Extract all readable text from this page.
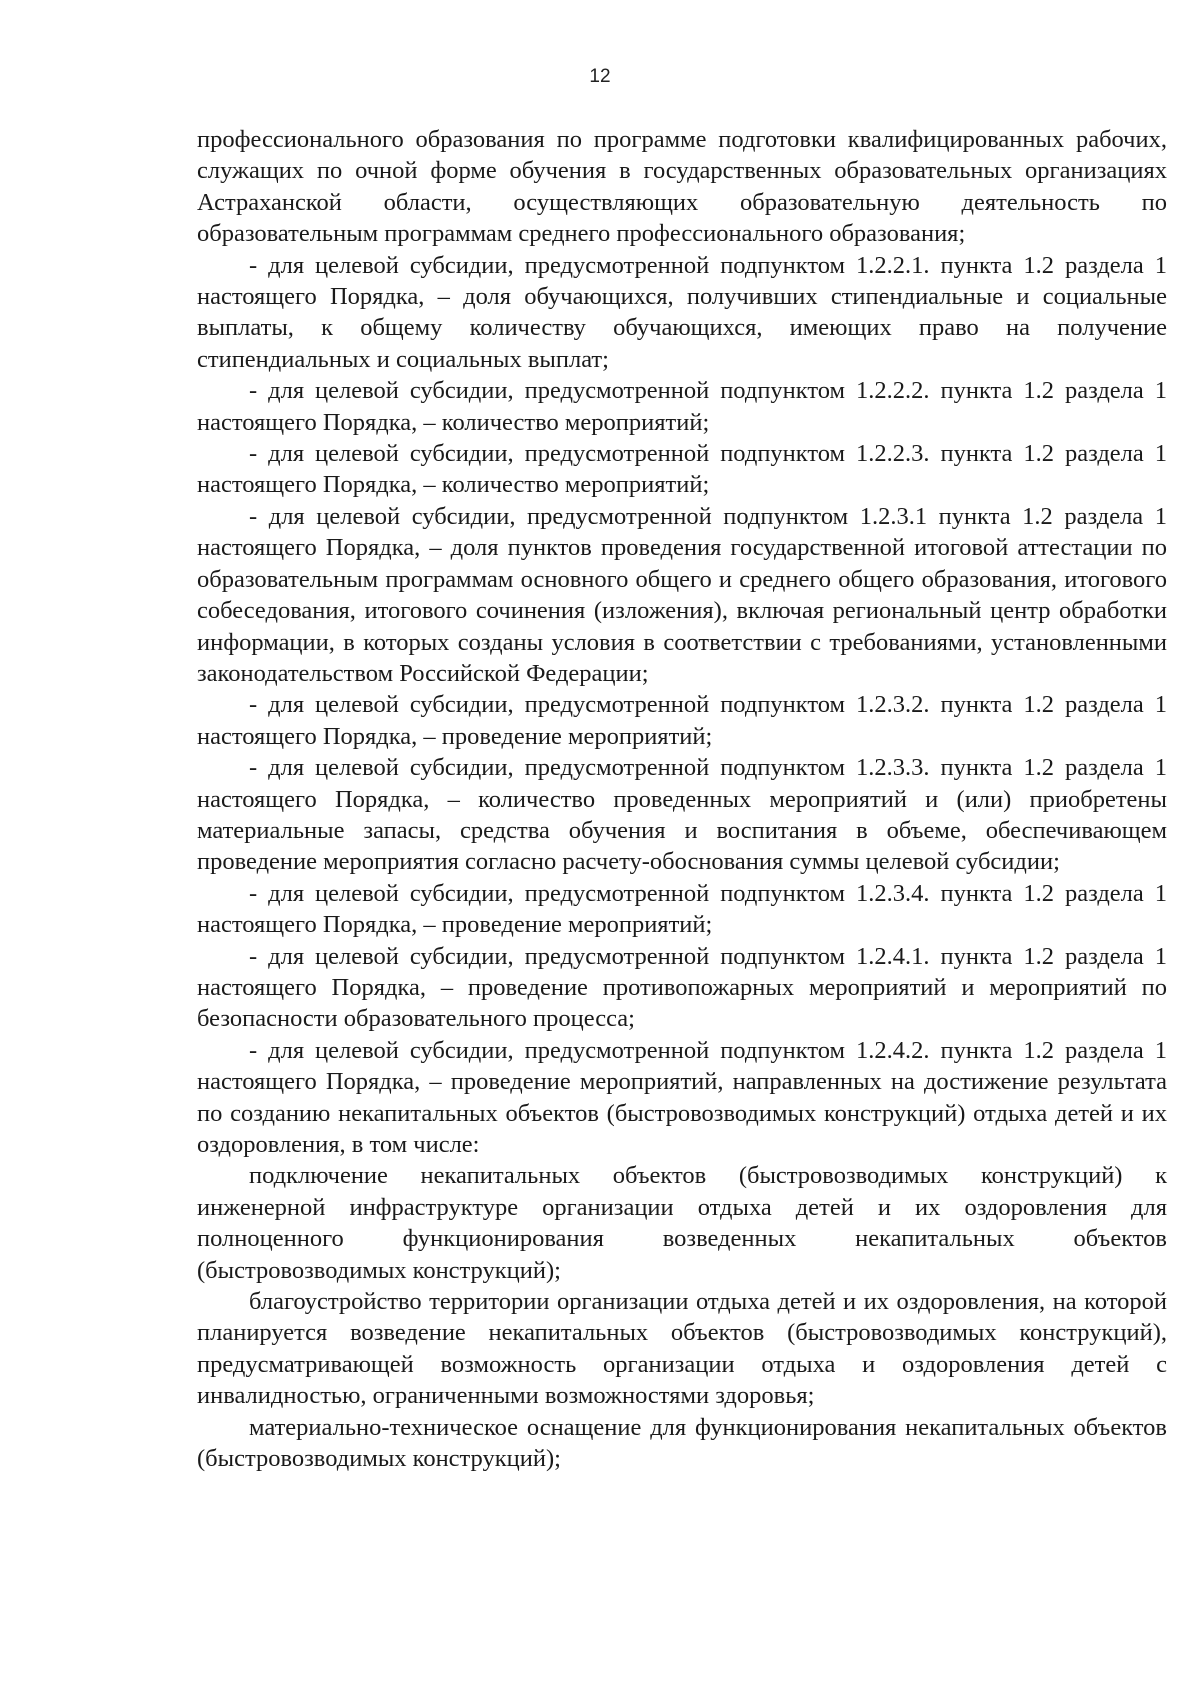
12

профессионального образования по программе подготовки квалифицированных рабочих, служащих по очной форме обучения в государственных образовательных организациях Астраханской области, осуществляющих образовательную деятельность по образовательным программам среднего профессионального образования;

- для целевой субсидии, предусмотренной подпунктом 1.2.2.1. пункта 1.2 раздела 1 настоящего Порядка, – доля обучающихся, получивших стипендиальные и социальные выплаты, к общему количеству обучающихся, имеющих право на получение стипендиальных и социальных выплат;

- для целевой субсидии, предусмотренной подпунктом 1.2.2.2. пункта 1.2 раздела 1 настоящего Порядка, – количество мероприятий;

- для целевой субсидии, предусмотренной подпунктом 1.2.2.3. пункта 1.2 раздела 1 настоящего Порядка, – количество мероприятий;

- для целевой субсидии, предусмотренной подпунктом 1.2.3.1 пункта 1.2 раздела 1 настоящего Порядка, – доля пунктов проведения государственной итоговой аттестации по образовательным программам основного общего и среднего общего образования, итогового собеседования, итогового сочинения (изложения), включая региональный центр обработки информации, в которых созданы условия в соответствии с требованиями, установленными законодательством Российской Федерации;

- для целевой субсидии, предусмотренной подпунктом 1.2.3.2. пункта 1.2 раздела 1 настоящего Порядка, – проведение мероприятий;

- для целевой субсидии, предусмотренной подпунктом 1.2.3.3. пункта 1.2 раздела 1 настоящего Порядка, – количество проведенных мероприятий и (или) приобретены материальные запасы, средства обучения и воспитания в объеме, обеспечивающем проведение мероприятия согласно расчету-обоснования суммы целевой субсидии;

- для целевой субсидии, предусмотренной подпунктом 1.2.3.4. пункта 1.2 раздела 1 настоящего Порядка, – проведение мероприятий;

- для целевой субсидии, предусмотренной подпунктом 1.2.4.1. пункта 1.2 раздела 1 настоящего Порядка, – проведение противопожарных мероприятий и мероприятий по безопасности образовательного процесса;

- для целевой субсидии, предусмотренной подпунктом 1.2.4.2. пункта 1.2 раздела 1 настоящего Порядка, – проведение мероприятий, направленных на достижение результата по созданию некапитальных объектов (быстровозводимых конструкций) отдыха детей и их оздоровления, в том числе:

подключение некапитальных объектов (быстровозводимых конструкций) к инженерной инфраструктуре организации отдыха детей и их оздоровления для полноценного функционирования возведенных некапитальных объектов (быстровозводимых конструкций);

благоустройство территории организации отдыха детей и их оздоровления, на которой планируется возведение некапитальных объектов (быстровозводимых конструкций), предусматривающей возможность организации отдыха и оздоровления детей с инвалидностью, ограниченными возможностями здоровья;

материально-техническое оснащение для функционирования некапитальных объектов (быстровозводимых конструкций);
